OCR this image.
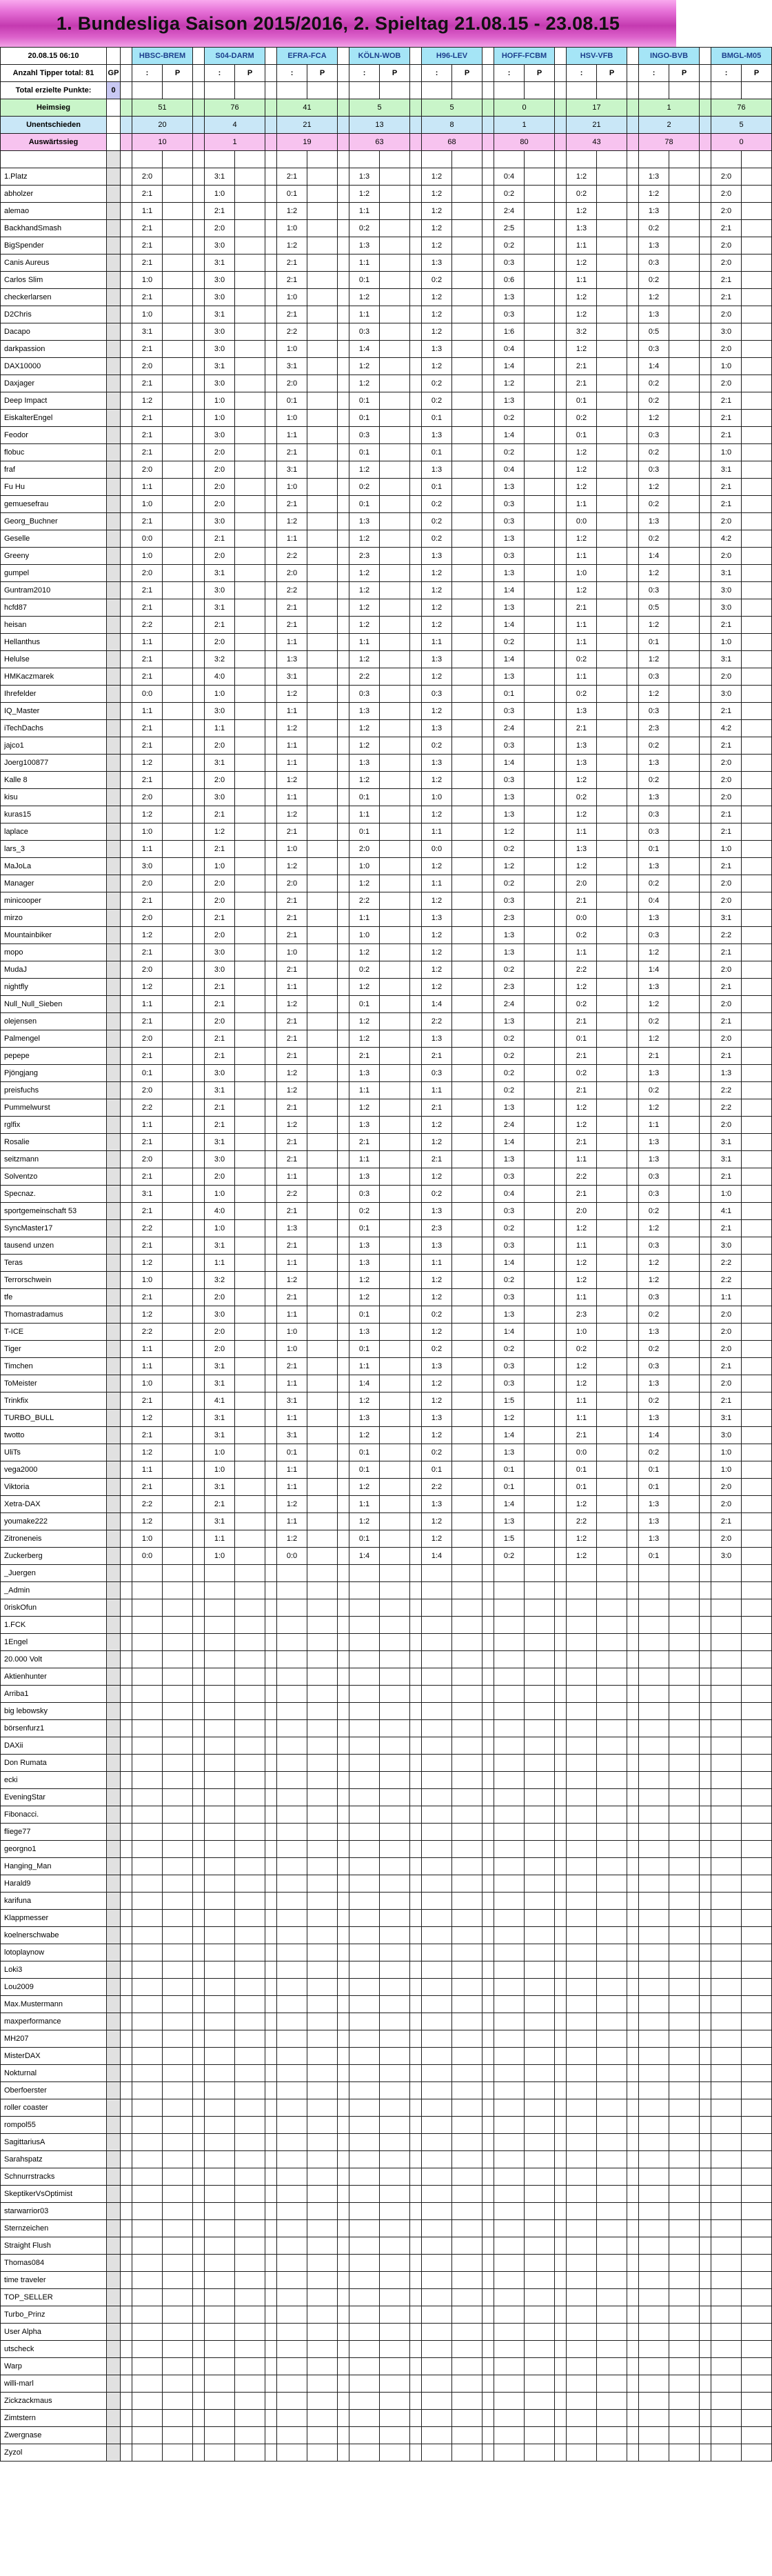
1. Bundesliga Saison 2015/2016, 2. Spieltag 21.08.15 - 23.08.15
20.08.15 06:10			HBSC-BREM			S04-DARM			EFRA-FCA			KÖLN-WOB			H96-LEV			HOFF-FCBM			HSV-VFB			INGO-BVB			BMGL-M05	
Anzahl Tipper total: 81	GP		:	P		:	P		:	P		:	P		:	P		:	P		:	P		:	P		:	P
Total erzielte Punkte:	0																											
Heimsieg			51			76			41			5			5			0			17			1			76	
Unentschieden			20			4			21			13			8			1			21			2			5	
Auswärtssieg			10			1			19			63			68			80			43			78			0	

1.Platz			2:0			3:1			2:1			1:3			1:2			0:4			1:2			1:3			2:0	
abholzer			2:1			1:0			0:1			1:2			1:2			0:2			0:2			1:2			2:0	
alemao			1:1			2:1			1:2			1:1			1:2			2:4			1:2			1:3			2:0	
BackhandSmash			2:1			2:0			1:0			0:2			1:2			2:5			1:3			0:2			2:1	
BigSpender			2:1			3:0			1:2			1:3			1:2			0:2			1:1			1:3			2:0	
Canis Aureus			2:1			3:1			2:1			1:1			1:3			0:3			1:2			0:3			2:0	
Carlos Slim			1:0			3:0			2:1			0:1			0:2			0:6			1:1			0:2			2:1	
checkerlarsen			2:1			3:0			1:0			1:2			1:2			1:3			1:2			1:2			2:1	
D2Chris			1:0			3:1			2:1			1:1			1:2			0:3			1:2			1:3			2:0	
Dacapo			3:1			3:0			2:2			0:3			1:2			1:6			3:2			0:5			3:0	
darkpassion			2:1			3:0			1:0			1:4			1:3			0:4			1:2			0:3			2:0	
DAX10000			2:0			3:1			3:1			1:2			1:2			1:4			2:1			1:4			1:0	
Daxjager			2:1			3:0			2:0			1:2			0:2			1:2			2:1			0:2			2:0	
Deep Impact			1:2			1:0			0:1			0:1			0:2			1:3			0:1			0:2			2:1	
EiskalterEngel			2:1			1:0			1:0			0:1			0:1			0:2			0:2			1:2			2:1	
Feodor			2:1			3:0			1:1			0:3			1:3			1:4			0:1			0:3			2:1	
flobuc			2:1			2:0			2:1			0:1			0:1			0:2			1:2			0:2			1:0	
fraf			2:0			2:0			3:1			1:2			1:3			0:4			1:2			0:3			3:1	
Fu Hu			1:1			2:0			1:0			0:2			0:1			1:3			1:2			1:2			2:1	
gemuesefrau			1:0			2:0			2:1			0:1			0:2			0:3			1:1			0:2			2:1	
Georg_Buchner			2:1			3:0			1:2			1:3			0:2			0:3			0:0			1:3			2:0	
Geselle			0:0			2:1			1:1			1:2			0:2			1:3			1:2			0:2			4:2	
Greeny			1:0			2:0			2:2			2:3			1:3			0:3			1:1			1:4			2:0	
gumpel			2:0			3:1			2:0			1:2			1:2			1:3			1:0			1:2			3:1	
Guntram2010			2:1			3:0			2:2			1:2			1:2			1:4			1:2			0:3			3:0	
hcfd87			2:1			3:1			2:1			1:2			1:2			1:3			2:1			0:5			3:0	
heisan			2:2			2:1			2:1			1:2			1:2			1:4			1:1			1:2			2:1	
Hellanthus			1:1			2:0			1:1			1:1			1:1			0:2			1:1			0:1			1:0	
Helulse			2:1			3:2			1:3			1:2			1:3			1:4			0:2			1:2			3:1	
HMKaczmarek			2:1			4:0			3:1			2:2			1:2			1:3			1:1			0:3			2:0	
Ihrefelder			0:0			1:0			1:2			0:3			0:3			0:1			0:2			1:2			3:0	
IQ_Master			1:1			3:0			1:1			1:3			1:2			0:3			1:3			0:3			2:1	
iTechDachs			2:1			1:1			1:2			1:2			1:3			2:4			2:1			2:3			4:2	
jajco1			2:1			2:0			1:1			1:2			0:2			0:3			1:3			0:2			2:1	
Joerg100877			1:2			3:1			1:1			1:3			1:3			1:4			1:3			1:3			2:0	
Kalle 8			2:1			2:0			1:2			1:2			1:2			0:3			1:2			0:2			2:0	
kisu			2:0			3:0			1:1			0:1			1:0			1:3			0:2			1:3			2:0	
kuras15			1:2			2:1			1:2			1:1			1:2			1:3			1:2			0:3			2:1	
laplace			1:0			1:2			2:1			0:1			1:1			1:2			1:1			0:3			2:1	
lars_3			1:1			2:1			1:0			2:0			0:0			0:2			1:3			0:1			1:0	
MaJoLa			3:0			1:0			1:2			1:0			1:2			1:2			1:2			1:3			2:1	
Manager			2:0			2:0			2:0			1:2			1:1			0:2			2:0			0:2			2:0	
minicooper			2:1			2:0			2:1			2:2			1:2			0:3			2:1			0:4			2:0	
mirzo			2:0			2:1			2:1			1:1			1:3			2:3			0:0			1:3			3:1	
Mountainbiker			1:2			2:0			2:1			1:0			1:2			1:3			0:2			0:3			2:2	
mopo			2:1			3:0			1:0			1:2			1:2			1:3			1:1			1:2			2:1	
MudaJ			2:0			3:0			2:1			0:2			1:2			0:2			2:2			1:4			2:0	
nightfly			1:2			2:1			1:1			1:2			1:2			2:3			1:2			1:3			2:1	
Null_Null_Sieben			1:1			2:1			1:2			0:1			1:4			2:4			0:2			1:2			2:0	
olejensen			2:1			2:0			2:1			1:2			2:2			1:3			2:1			0:2			2:1	
Palmengel			2:0			2:1			2:1			1:2			1:3			0:2			0:1			1:2			2:0	
pepepe			2:1			2:1			2:1			2:1			2:1			0:2			2:1			2:1			2:1	
Pjöngjang			0:1			3:0			1:2			1:3			0:3			0:2			0:2			1:3			1:3	
preisfuchs			2:0			3:1			1:2			1:1			1:1			0:2			2:1			0:2			2:2	
Pummelwurst			2:2			2:1			2:1			1:2			2:1			1:3			1:2			1:2			2:2	
rglfix			1:1			2:1			1:2			1:3			1:2			2:4			1:2			1:1			2:0	
Rosalie			2:1			3:1			2:1			2:1			1:2			1:4			2:1			1:3			3:1	
seitzmann			2:0			3:0			2:1			1:1			2:1			1:3			1:1			1:3			3:1	
Solventzo			2:1			2:0			1:1			1:3			1:2			0:3			2:2			0:3			2:1	
Specnaz.			3:1			1:0			2:2			0:3			0:2			0:4			2:1			0:3			1:0	
sportgemeinschaft 53			2:1			4:0			2:1			0:2			1:3			0:3			2:0			0:2			4:1	
SyncMaster17			2:2			1:0			1:3			0:1			2:3			0:2			1:2			1:2			2:1	
tausend unzen			2:1			3:1			2:1			1:3			1:3			0:3			1:1			0:3			3:0	
Teras			1:2			1:1			1:1			1:3			1:1			1:4			1:2			1:2			2:2	
Terrorschwein			1:0			3:2			1:2			1:2			1:2			0:2			1:2			1:2			2:2	
tfe			2:1			2:0			2:1			1:2			1:2			0:3			1:1			0:3			1:1	
Thomastradamus			1:2			3:0			1:1			0:1			0:2			1:3			2:3			0:2			2:0	
T-ICE			2:2			2:0			1:0			1:3			1:2			1:4			1:0			1:3			2:0	
Tiger			1:1			2:0			1:0			0:1			0:2			0:2			0:2			0:2			2:0	
Timchen			1:1			3:1			2:1			1:1			1:3			0:3			1:2			0:3			2:1	
ToMeister			1:0			3:1			1:1			1:4			1:2			0:3			1:2			1:3			2:0	
Trinkfix			2:1			4:1			3:1			1:2			1:2			1:5			1:1			0:2			2:1	
TURBO_BULL			1:2			3:1			1:1			1:3			1:3			1:2			1:1			1:3			3:1	
twotto			2:1			3:1			3:1			1:2			1:2			1:4			2:1			1:4			3:0	
UliTs			1:2			1:0			0:1			0:1			0:2			1:3			0:0			0:2			1:0	
vega2000			1:1			1:0			1:1			0:1			0:1			0:1			0:1			0:1			1:0	
Viktoria			2:1			3:1			1:1			1:2			2:2			0:1			0:1			0:1			2:0	
Xetra-DAX			2:2			2:1			1:2			1:1			1:3			1:4			1:2			1:3			2:0	
youmake222			1:2			3:1			1:1			1:2			1:2			1:3			2:2			1:3			2:1	
Zitroneneis			1:0			1:1			1:2			0:1			1:2			1:5			1:2			1:3			2:0	
Zuckerberg			0:0			1:0			0:0			1:4			1:4			0:2			1:2			0:1			3:0	
_Juergen																												
_Admin																												
0riskOfun																												
1.FCK																												
1Engel																												
20.000 Volt																												
Aktienhunter																												
Arriba1																												
big lebowsky																												
börsenfurz1																												
DAXii																												
Don Rumata																												
ecki																												
EveningStar																												
Fibonacci.																												
fliege77																												
georgno1																												
Hanging_Man																												
Harald9																												
karifuna																												
Klappmesser																												
koelnerschwabe																												
lotoplaynow																												
Loki3																												
Lou2009																												
Max.Mustermann																												
maxperformance																												
MH207																												
MisterDAX																												
Nokturnal																												
Oberfoerster																												
roller coaster																												
rompol55																												
SagittariusA																												
Sarahspatz																												
Schnurrstracks																												
SkeptikerVsOptimist																												
starwarrior03																												
Sternzeichen																												
Straight Flush																												
Thomas084																												
time traveler																												
TOP_SELLER																												
Turbo_Prinz																												
User Alpha																												
utscheck																												
Warp																												
willi-marl																												
Zickzackmaus																												
Zimtstern																												
Zwergnase																												
Zyzol																												
